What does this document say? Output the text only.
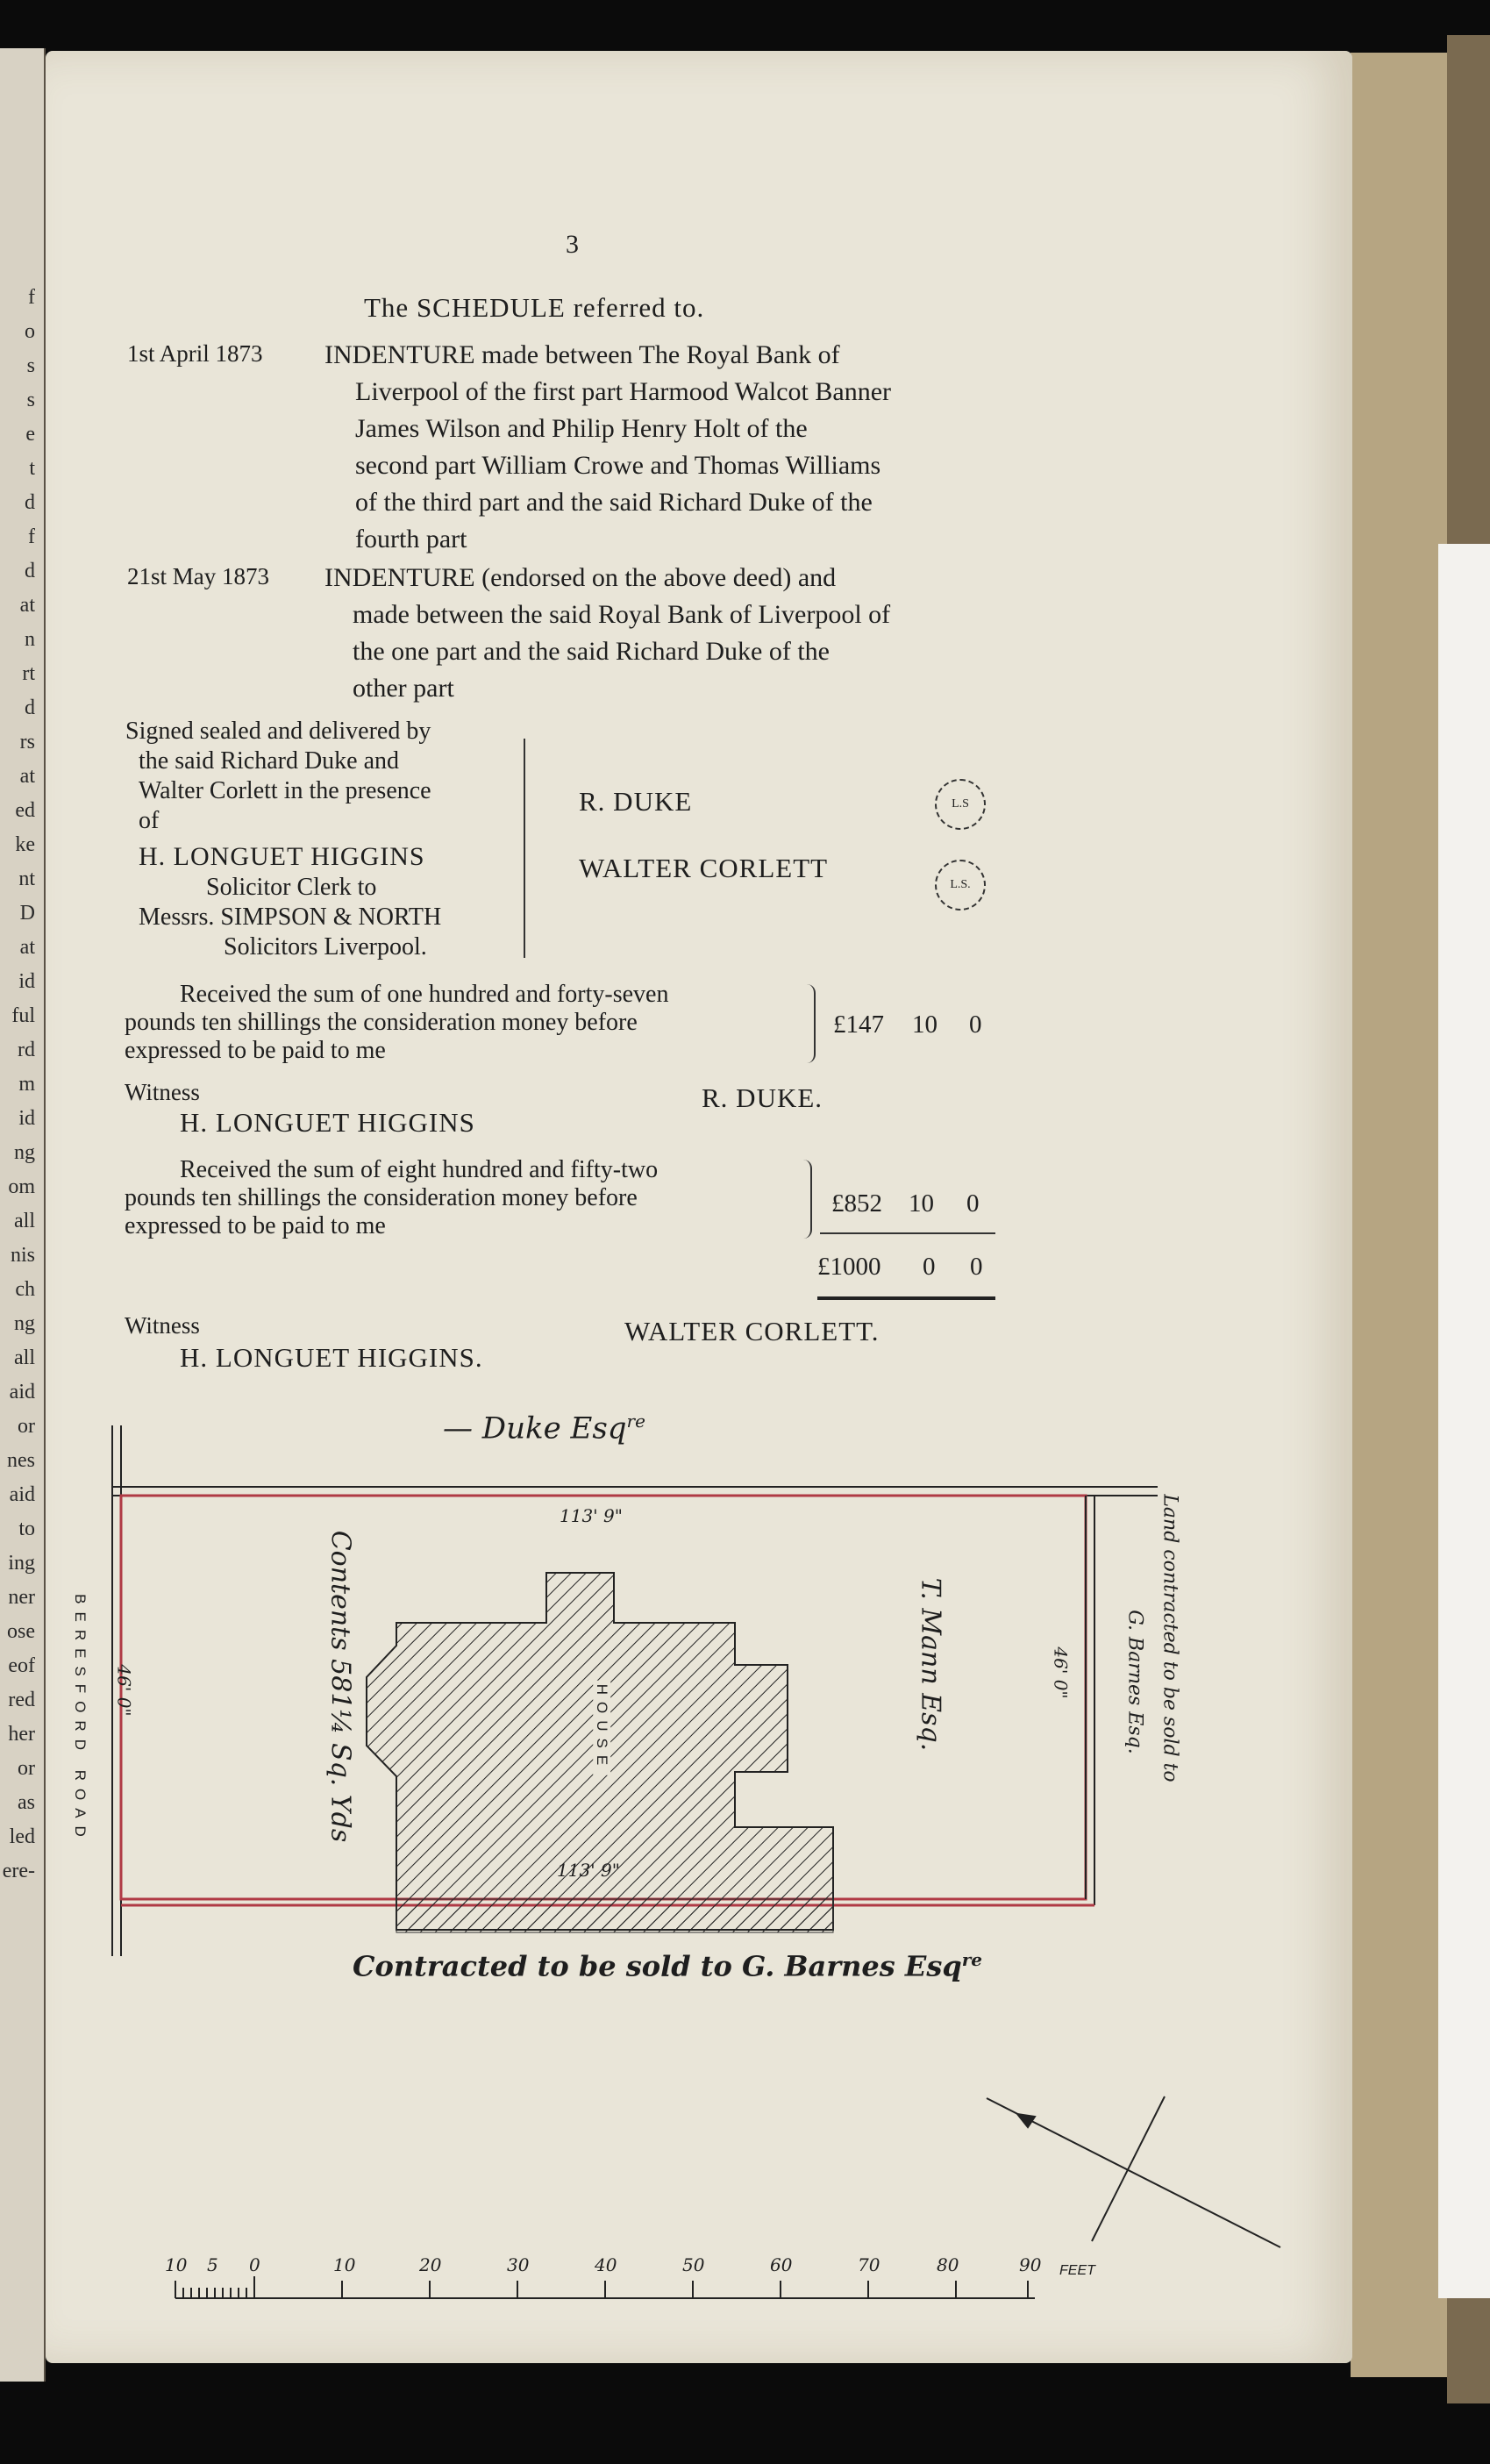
f
o
s
s
e
t
d
f
d
at
n
rt
d
rs
at
ed
ke
nt
D
at
id
ful
rd
m
id
ng
om
all
nis
ch
ng
all
aid
or
nes
aid
to
ing
ner
ose
eof
red
her
or
as
led
ere-
3
The SCHEDULE referred to.
1st April 1873 INDENTURE made between The Royal Bank of
Liverpool of the first part Harmood Walcot Banner
James Wilson and Philip Henry Holt of the
second part William Crowe and Thomas Williams
of the third part and the said Richard Duke of the
fourth part
21st May 1873 INDENTURE (endorsed on the above deed) and
made between the said Royal Bank of Liverpool of
the one part and the said Richard Duke of the
other part
Signed sealed and delivered by
the said Richard Duke and
Walter Corlett in the presence
of
H. LONGUET HIGGINS
Solicitor Clerk to
Messrs. SIMPSON & NORTH
Solicitors Liverpool.
R. DUKE
WALTER CORLETT
L.S
L.S.
Received the sum of one hundred and forty-seven
pounds ten shillings the consideration money before
expressed to be paid to me
£147 10 0
Witness
H. LONGUET HIGGINS
R. DUKE.
Received the sum of eight hundred and fifty-two
pounds ten shillings the consideration money before
expressed to be paid to me
£852 10 0
£1000 0 0
Witness
H. LONGUET HIGGINS.
WALTER CORLETT.
— Duke Esq$^{re}$
113' 9"
113' 9"
46' 0"	46' 0"
BERESFORD ROAD	Contents 581¼ Sq. Yds	HOUSE	T. Mann Esq.	Land contracted to be sold to
G. Barnes Esq.
Contracted to be sold to G. Barnes Esq$^{re}$
10 5 0	10	20	30	40	50	60	70	80	90 FEET
